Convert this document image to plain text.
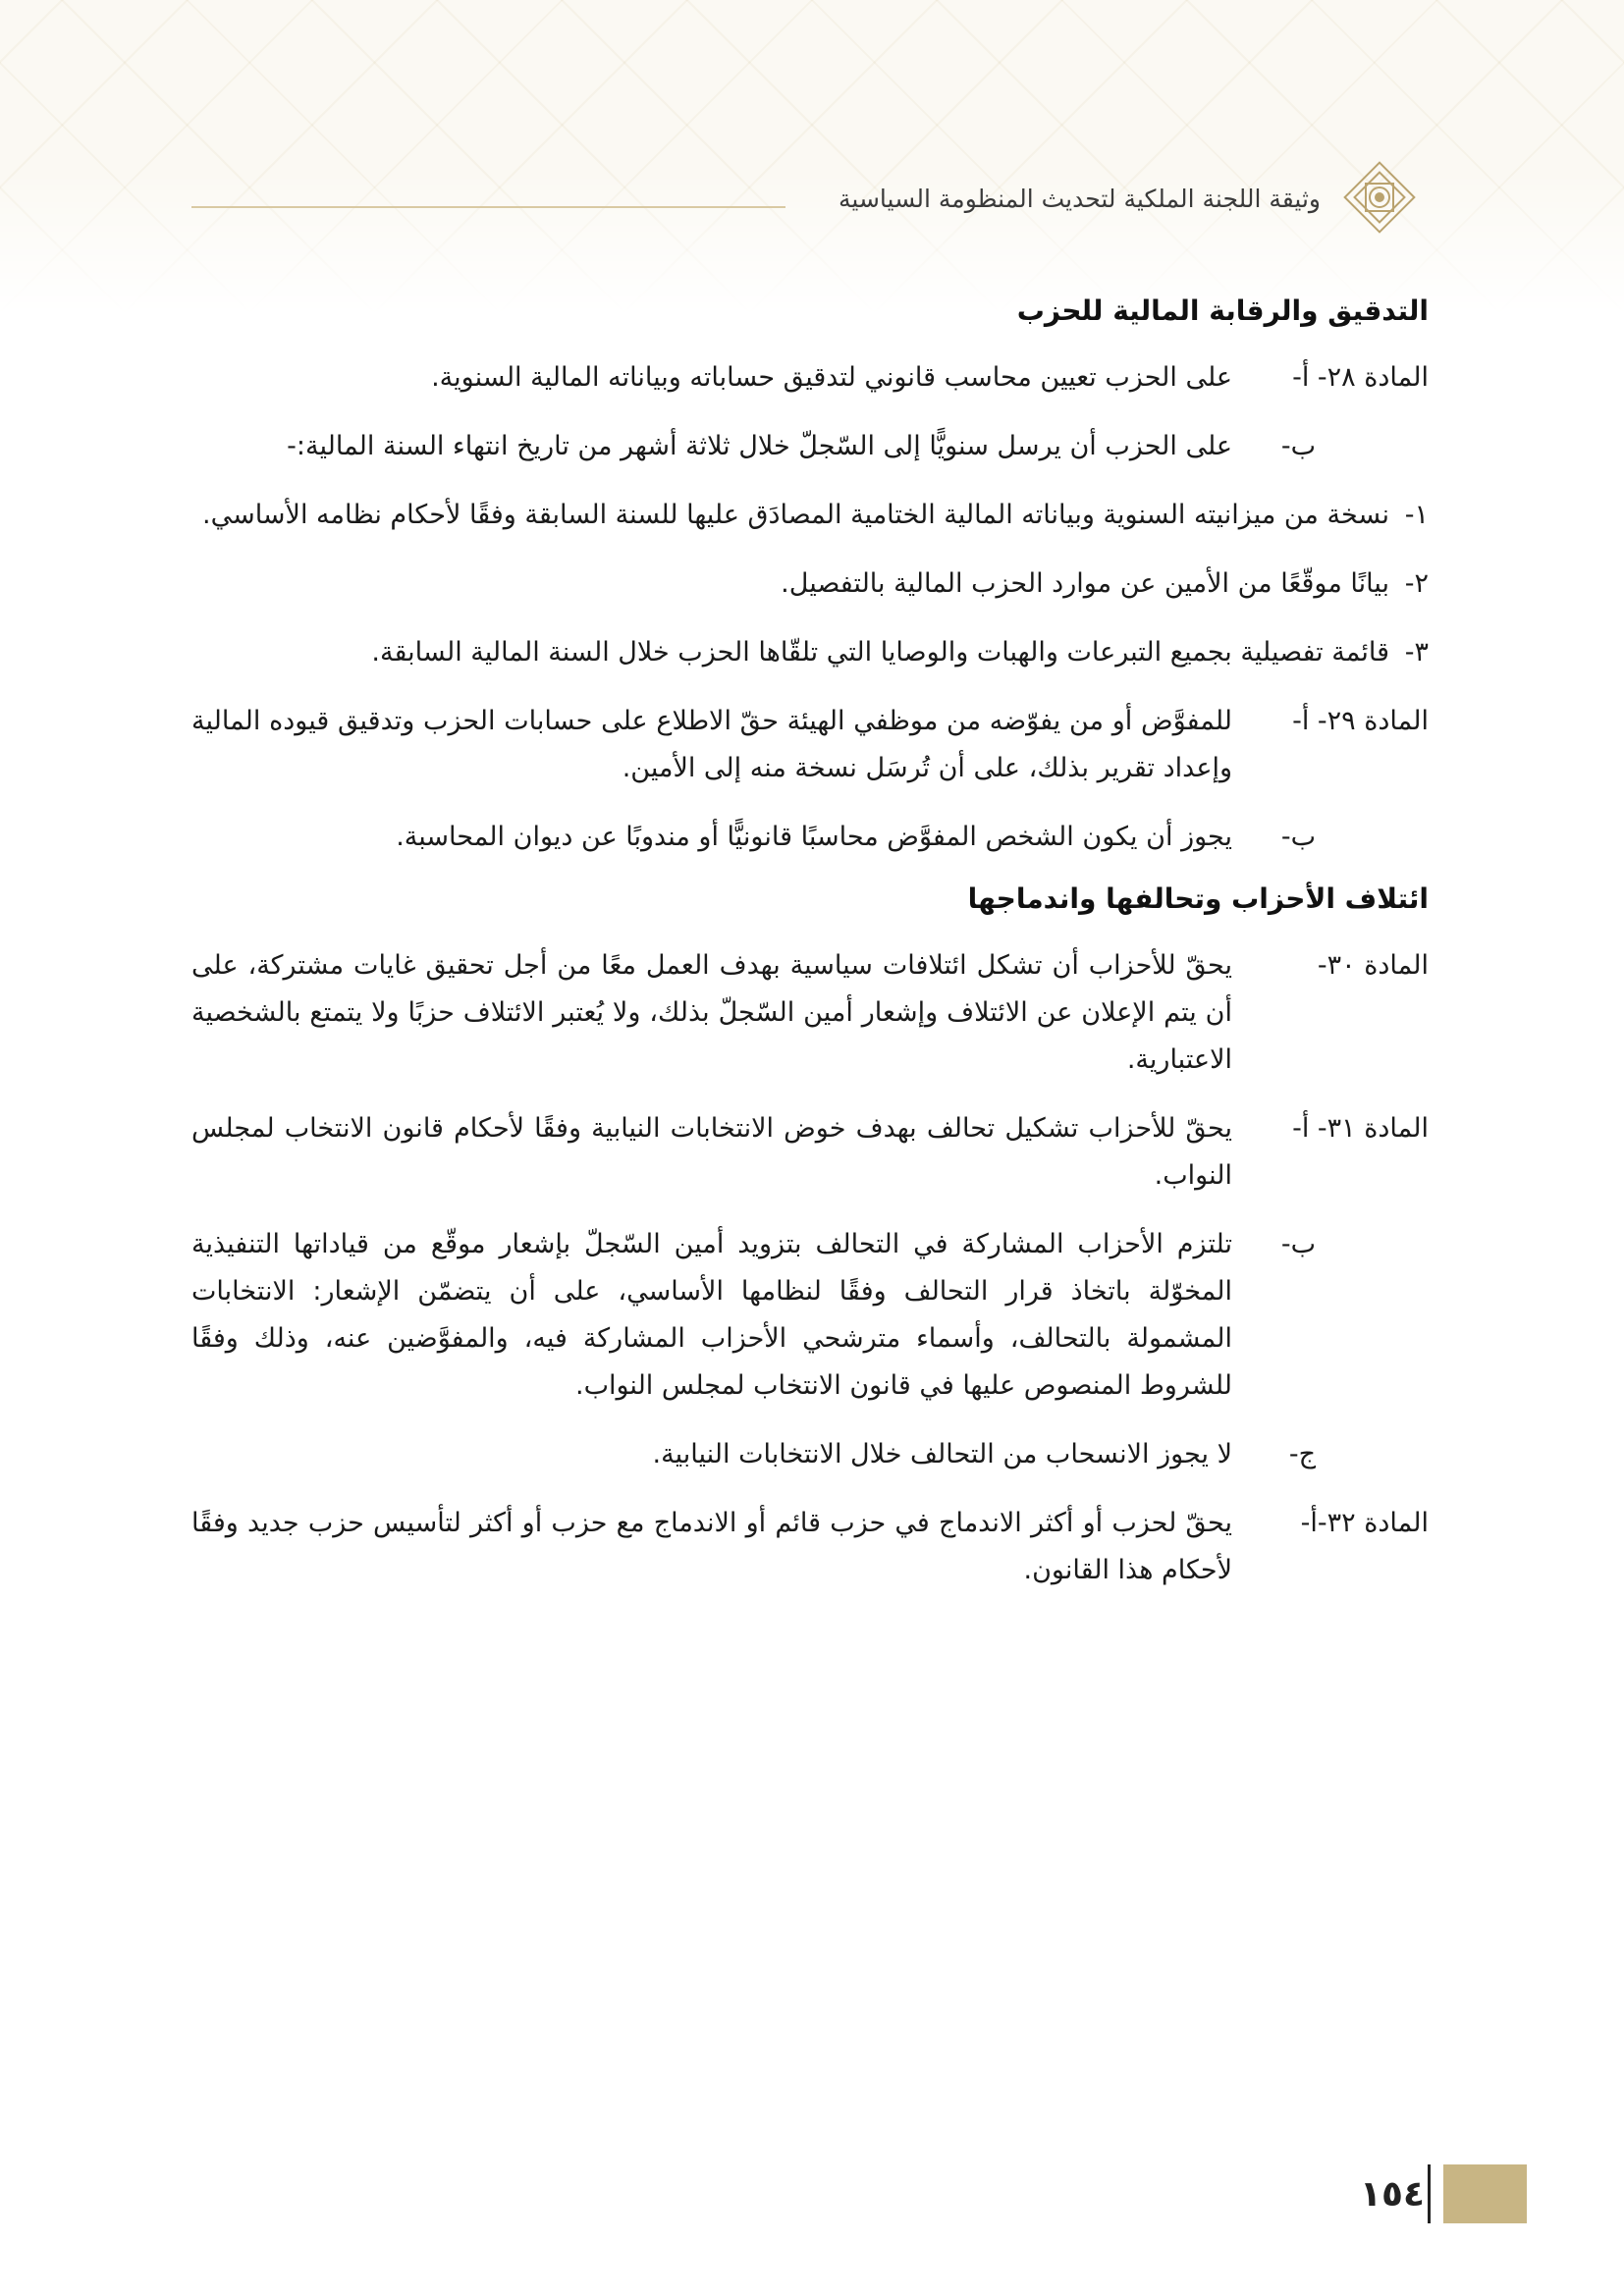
وثيقة اللجنة الملكية لتحديث المنظومة السياسية
التدقيق والرقابة المالية للحزب
المادة ٢٨- أ-
على الحزب تعيين محاسب قانوني لتدقيق حساباته وبياناته المالية السنوية.
ب-
على الحزب أن يرسل سنويًّا إلى السّجلّ خلال ثلاثة أشهر من تاريخ انتهاء السنة المالية:-
١-
نسخة من ميزانيته السنوية وبياناته المالية الختامية المصادَق عليها للسنة السابقة وفقًا لأحكام نظامه الأساسي.
٢-
بيانًا موقّعًا من الأمين عن موارد الحزب المالية بالتفصيل.
٣-
قائمة تفصيلية بجميع التبرعات والهبات والوصايا التي تلقّاها الحزب خلال السنة المالية السابقة.
المادة ٢٩- أ-
للمفوَّض أو من يفوّضه من موظفي الهيئة حقّ الاطلاع على حسابات الحزب وتدقيق قيوده المالية وإعداد تقرير بذلك، على أن تُرسَل نسخة منه إلى الأمين.
ب-
يجوز أن يكون الشخص المفوَّض محاسبًا قانونيًّا أو مندوبًا عن ديوان المحاسبة.
ائتلاف الأحزاب وتحالفها واندماجها
المادة ٣٠-
يحقّ للأحزاب أن تشكل ائتلافات سياسية بهدف العمل معًا من أجل تحقيق غايات مشتركة، على أن يتم الإعلان عن الائتلاف وإشعار أمين السّجلّ بذلك، ولا يُعتبر الائتلاف حزبًا ولا يتمتع بالشخصية الاعتبارية.
المادة ٣١- أ-
يحقّ للأحزاب تشكيل تحالف بهدف خوض الانتخابات النيابية وفقًا لأحكام قانون الانتخاب لمجلس النواب.
ب-
تلتزم الأحزاب المشاركة في التحالف بتزويد أمين السّجلّ بإشعار موقّع من قياداتها التنفيذية المخوّلة باتخاذ قرار التحالف وفقًا لنظامها الأساسي، على أن يتضمّن الإشعار: الانتخابات المشمولة بالتحالف، وأسماء مترشحي الأحزاب المشاركة فيه، والمفوَّضين عنه، وذلك وفقًا للشروط المنصوص عليها في قانون الانتخاب لمجلس النواب.
ج-
لا يجوز الانسحاب من التحالف خلال الانتخابات النيابية.
المادة ٣٢-أ-
يحقّ لحزب أو أكثر الاندماج في حزب قائم أو الاندماج مع حزب أو أكثر لتأسيس حزب جديد وفقًا لأحكام هذا القانون.
١٥٤
